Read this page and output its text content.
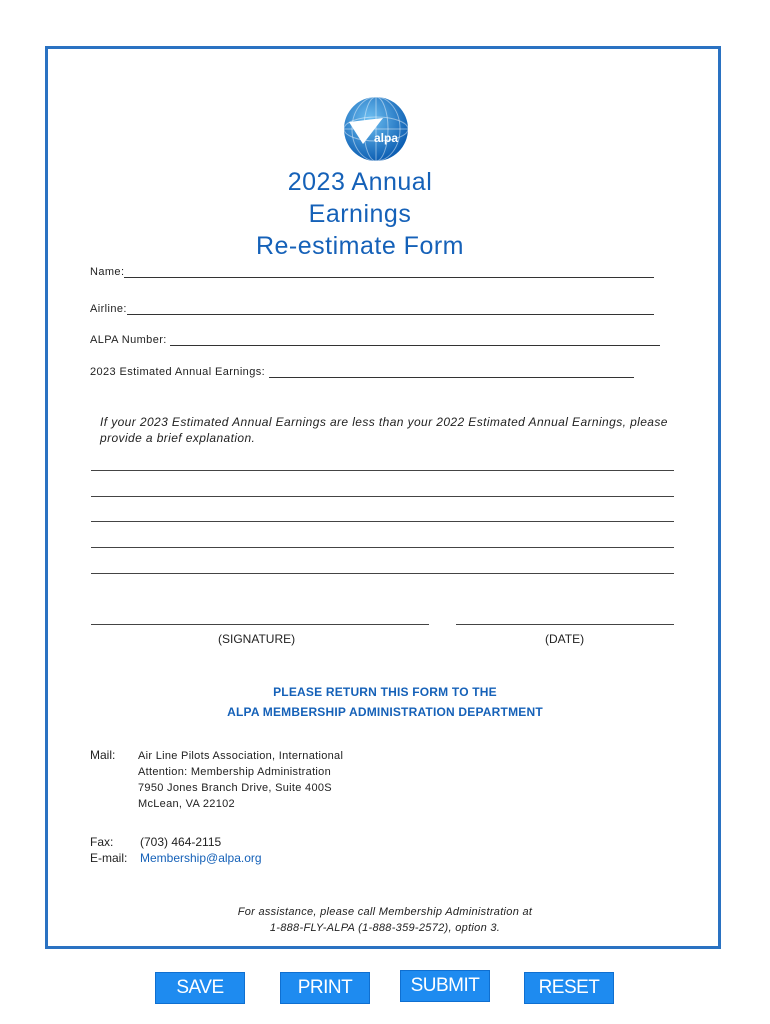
alpa
2023 Annual
Earnings
Re-estimate Form
Name:
Airline:
ALPA Number:
2023 Estimated Annual Earnings:
If your 2023 Estimated Annual Earnings are less than your 2022 Estimated Annual Earnings, please provide a brief explanation.
(SIGNATURE)	(DATE)
PLEASE RETURN THIS FORM TO THE
ALPA MEMBERSHIP ADMINISTRATION DEPARTMENT
Mail: Air Line Pilots Association, International
Attention: Membership Administration
7950 Jones Branch Drive, Suite 400S
McLean, VA 22102
Fax: (703) 464-2115
E-mail: Membership@alpa.org
For assistance, please call Membership Administration at
1-888-FLY-ALPA (1-888-359-2572), option 3.
SAVE	PRINT	SUBMIT	RESET
